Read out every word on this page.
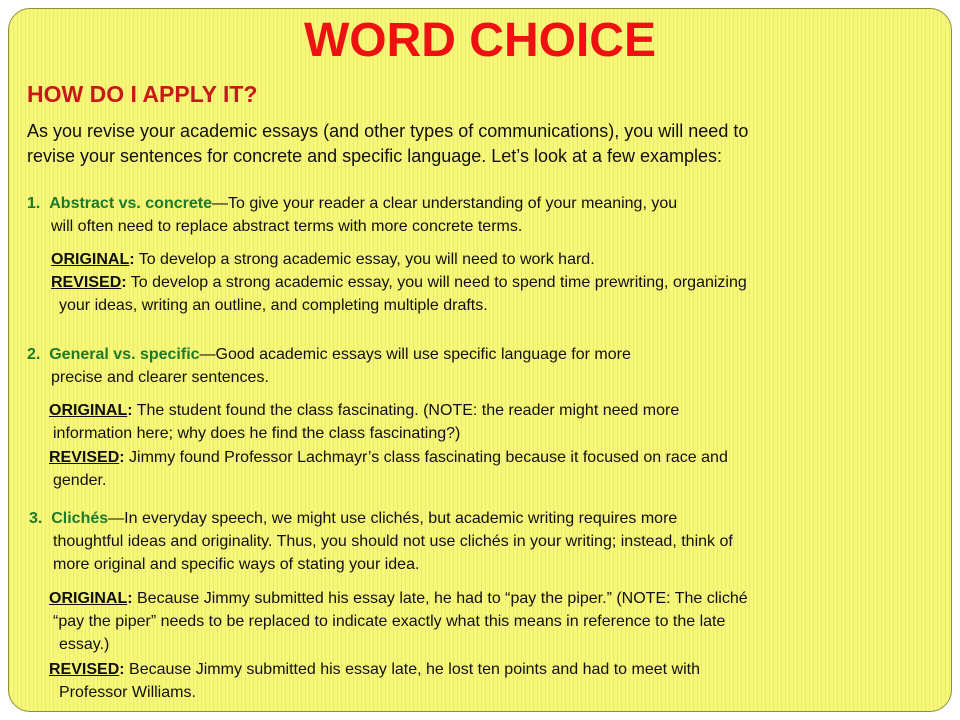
WORD CHOICE
HOW DO I APPLY IT?
As you revise your academic essays (and other types of communications), you will need to
revise your sentences for concrete and specific language. Let’s look at a few examples:
1. Abstract vs. concrete—To give your reader a clear understanding of your meaning, you
will often need to replace abstract terms with more concrete terms.
ORIGINAL: To develop a strong academic essay, you will need to work hard.
REVISED: To develop a strong academic essay, you will need to spend time prewriting, organizing
your ideas, writing an outline, and completing multiple drafts.
2. General vs. specific—Good academic essays will use specific language for more
precise and clearer sentences.
ORIGINAL: The student found the class fascinating. (NOTE: the reader might need more
information here; why does he find the class fascinating?)
REVISED: Jimmy found Professor Lachmayr’s class fascinating because it focused on race and
gender.
3. Clichés—In everyday speech, we might use clichés, but academic writing requires more
thoughtful ideas and originality. Thus, you should not use clichés in your writing; instead, think of
more original and specific ways of stating your idea.
ORIGINAL: Because Jimmy submitted his essay late, he had to “pay the piper.” (NOTE: The cliché
“pay the piper” needs to be replaced to indicate exactly what this means in reference to the late
essay.)
REVISED: Because Jimmy submitted his essay late, he lost ten points and had to meet with
Professor Williams.
